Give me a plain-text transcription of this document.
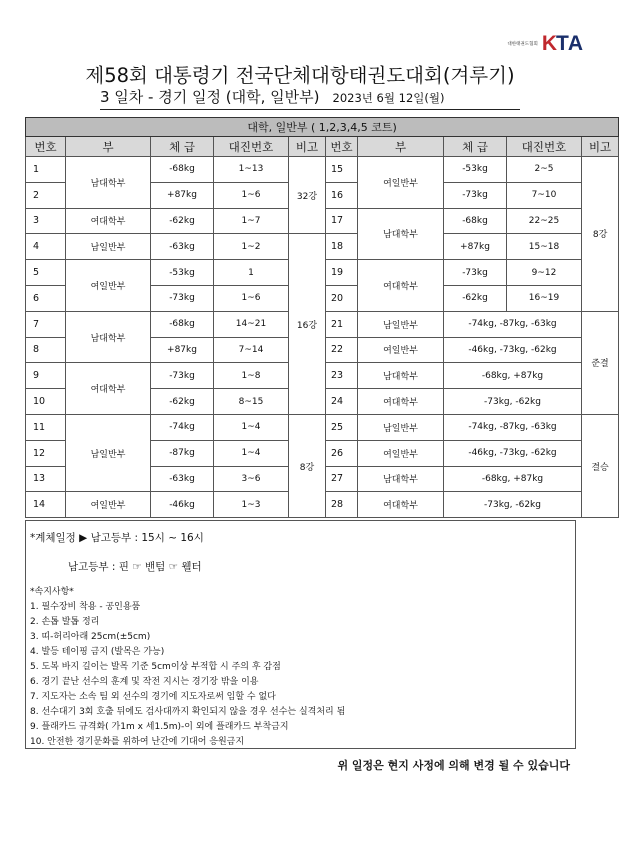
대한태권도협회 KTA
제58회 대통령기 전국단체대항태권도대회(겨루기)
3 일차 - 경기 일정 (대학, 일반부) 2023년 6월 12일(월)
대학, 일반부 ( 1,2,3,4,5 코트)									
번호	부	체 급	대진번호	비고	번호	부	체 급	대진번호	비고
1	남대학부	-68kg	1~13	32강	15	여일반부	-53kg	2~5	8강
2		+87kg	1~6		16		-73kg	7~10	
3	여대학부	-62kg	1~7		17	남대학부	-68kg	22~25	
4	남일반부	-63kg	1~2	16강	18		+87kg	15~18	
5	여일반부	-53kg	1		19	여대학부	-73kg	9~12	
6		-73kg	1~6		20		-62kg	16~19	
7	남대학부	-68kg	14~21		21	남일반부	-74kg, -87kg, -63kg		준결
8		+87kg	7~14		22	여일반부	-46kg, -73kg, -62kg		
9	여대학부	-73kg	1~8		23	남대학부	-68kg, +87kg		
10		-62kg	8~15		24	여대학부	-73kg, -62kg		
11	남일반부	-74kg	1~4	8강	25	남일반부	-74kg, -87kg, -63kg		결승
12		-87kg	1~4		26	여일반부	-46kg, -73kg, -62kg		
13		-63kg	3~6		27	남대학부	-68kg, +87kg		
14	여일반부	-46kg	1~3		28	여대학부	-73kg, -62kg		
*계체일정 ▶ 남고등부 : 15시 ~ 16시
남고등부 : 핀 ☞ 밴텀 ☞ 웰터
*속지사항*
1. 필수장비 착용 - 공인용품
2. 손톱 발톱 정리
3. 띠-허리아래 25cm(±5cm)
4. 발등 테이핑 금지 (발목은 가능)
5. 도복 바지 길이는 발목 기준 5cm이상 부적합 시 주의 후 감점
6. 경기 끝난 선수의 훈계 및 작전 지시는 경기장 밖을 이용
7. 지도자는 소속 팀 외 선수의 경기에 지도자로써 임할 수 없다
8. 선수대기 3회 호출 뒤에도 검사대까지 확인되지 않을 경우 선수는 실격처리 됨
9. 플래카드 규격화( 가1m x 세1.5m)-이 외에 플래카드 부착금지
10. 안전한 경기문화를 위하여 난간에 기대어 응원금지
위 일정은 현지 사정에 의해 변경 될 수 있습니다
